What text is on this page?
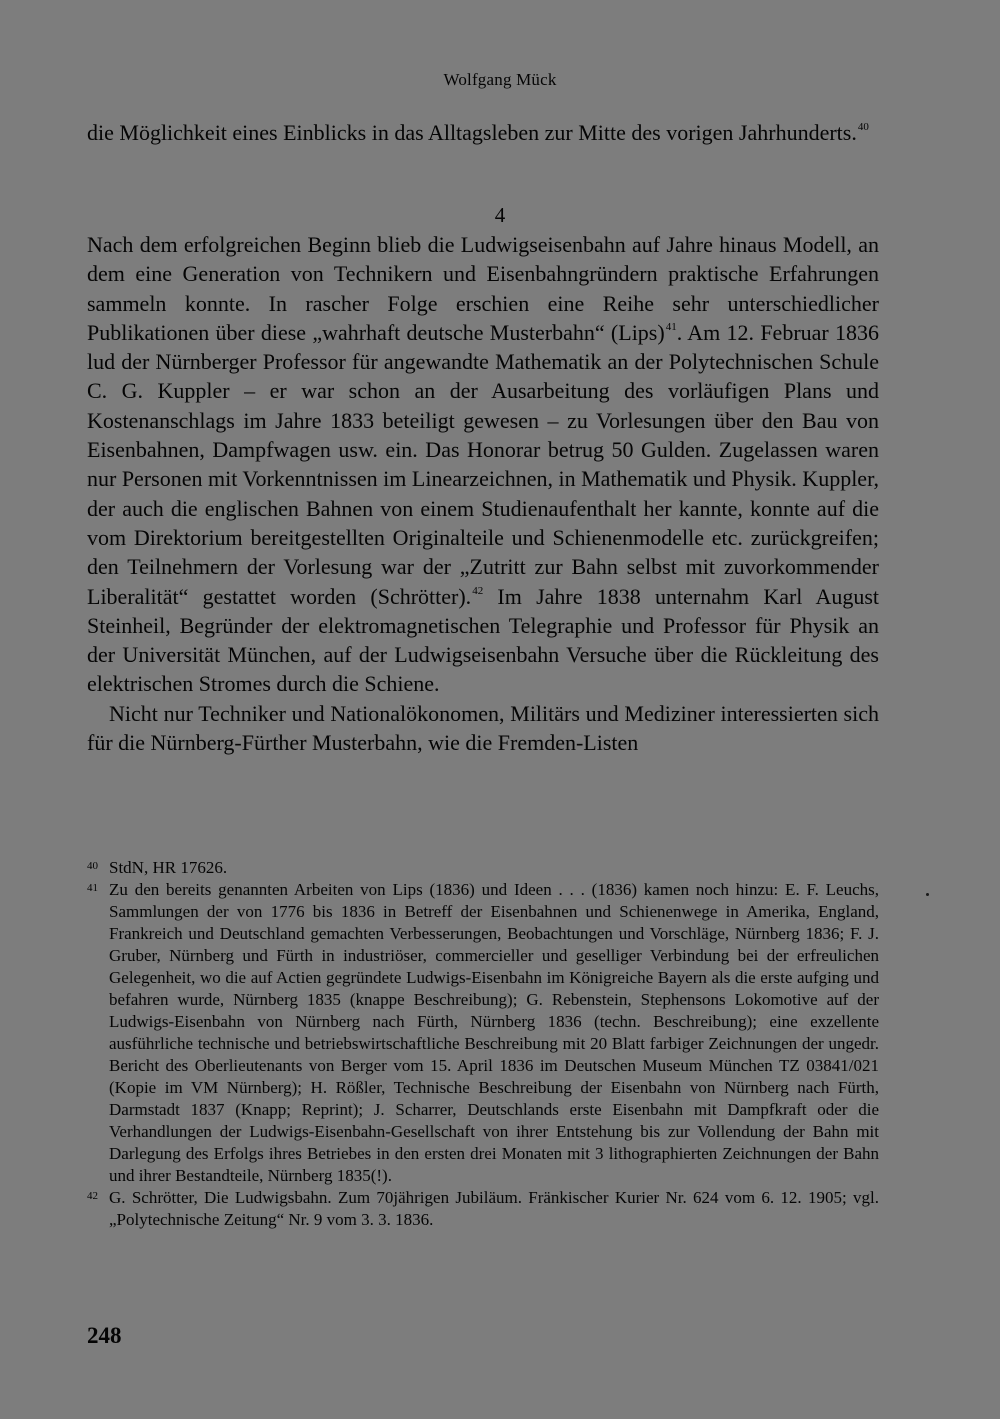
Wolfgang Mück
die Möglichkeit eines Einblicks in das Alltagsleben zur Mitte des vorigen Jahrhunderts.$^{40}$
4

Nach dem erfolgreichen Beginn blieb die Ludwigseisenbahn auf Jahre hinaus Modell, an dem eine Generation von Technikern und Eisenbahngründern praktische Erfahrungen sammeln konnte. In rascher Folge erschien eine Reihe sehr unterschiedlicher Publikationen über diese „wahrhaft deutsche Musterbahn“ (Lips)$^{41}$. Am 12. Februar 1836 lud der Nürnberger Professor für angewandte Mathematik an der Polytechnischen Schule C. G. Kuppler – er war schon an der Ausarbeitung des vorläufigen Plans und Kostenanschlags im Jahre 1833 beteiligt gewesen – zu Vorlesungen über den Bau von Eisenbahnen, Dampfwagen usw. ein. Das Honorar betrug 50 Gulden. Zugelassen waren nur Personen mit Vorkenntnissen im Linearzeichnen, in Mathematik und Physik. Kuppler, der auch die englischen Bahnen von einem Studienaufenthalt her kannte, konnte auf die vom Direktorium bereitgestellten Originalteile und Schienenmodelle etc. zurückgreifen; den Teilnehmern der Vorlesung war der „Zutritt zur Bahn selbst mit zuvorkommender Liberalität“ gestattet worden (Schrötter).$^{42}$ Im Jahre 1838 unternahm Karl August Steinheil, Begründer der elektromagnetischen Telegraphie und Professor für Physik an der Universität München, auf der Ludwigseisenbahn Versuche über die Rückleitung des elektrischen Stromes durch die Schiene.

Nicht nur Techniker und Nationalökonomen, Militärs und Mediziner interessierten sich für die Nürnberg-Fürther Musterbahn, wie die Fremden-Listen

40 StdN, HR 17626.

41 Zu den bereits genannten Arbeiten von Lips (1836) und Ideen . . . (1836) kamen noch hinzu: E. F. Leuchs, Sammlungen der von 1776 bis 1836 in Betreff der Eisenbahnen und Schienenwege in Amerika, England, Frankreich und Deutschland gemachten Verbesserungen, Beobachtungen und Vorschläge, Nürnberg 1836; F. J. Gruber, Nürnberg und Fürth in industriöser, commercieller und geselliger Verbindung bei der erfreulichen Gelegenheit, wo die auf Actien gegründete Ludwigs-Eisenbahn im Königreiche Bayern als die erste aufging und befahren wurde, Nürnberg 1835 (knappe Beschreibung); G. Rebenstein, Stephensons Lokomotive auf der Ludwigs-Eisenbahn von Nürnberg nach Fürth, Nürnberg 1836 (techn. Beschreibung); eine exzellente ausführliche technische und betriebswirtschaftliche Beschreibung mit 20 Blatt farbiger Zeichnungen der ungedr. Bericht des Oberlieutenants von Berger vom 15. April 1836 im Deutschen Museum München TZ 03841/021 (Kopie im VM Nürnberg); H. Rößler, Technische Beschreibung der Eisenbahn von Nürnberg nach Fürth, Darmstadt 1837 (Knapp; Reprint); J. Scharrer, Deutschlands erste Eisenbahn mit Dampfkraft oder die Verhandlungen der Ludwigs-Eisenbahn-Gesellschaft von ihrer Entstehung bis zur Vollendung der Bahn mit Darlegung des Erfolgs ihres Betriebes in den ersten drei Monaten mit 3 lithographierten Zeichnungen der Bahn und ihrer Bestandteile, Nürnberg 1835(!).

42 G. Schrötter, Die Ludwigsbahn. Zum 70jährigen Jubiläum. Fränkischer Kurier Nr. 624 vom 6. 12. 1905; vgl. „Polytechnische Zeitung“ Nr. 9 vom 3. 3. 1836.

248
